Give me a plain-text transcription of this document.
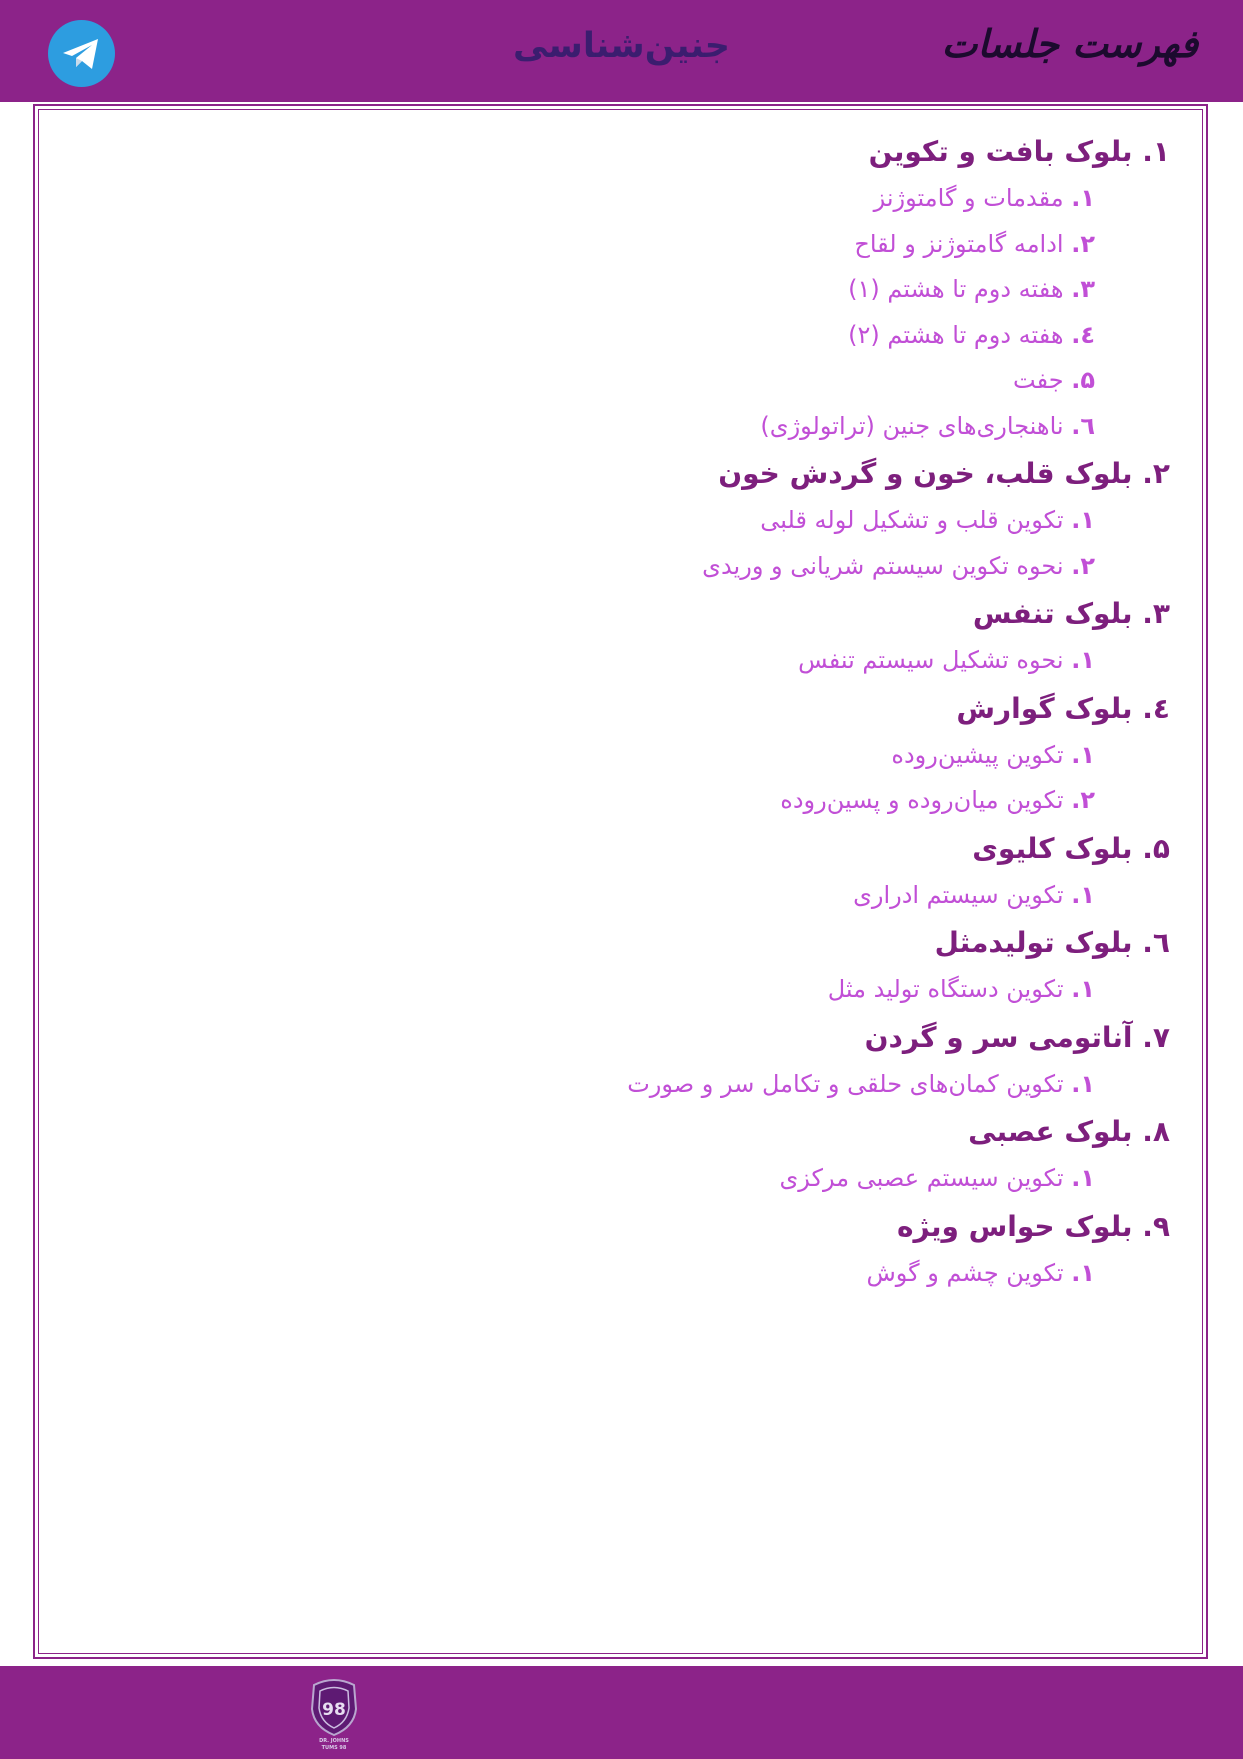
فهرست جلسات
جنین‌شناسی
۱. بلوک بافت و تکوین
۱. مقدمات و گامتوژنز
۲. ادامه گامتوژنز و لقاح
۳. هفته دوم تا هشتم (۱)
٤. هفته دوم تا هشتم (۲)
۵. جفت
٦. ناهنجاری‌های جنین (تراتولوژی)
۲. بلوک قلب، خون و گردش خون
۱. تکوین قلب و تشکیل لوله قلبی
۲. نحوه تکوین سیستم شریانی و وریدی
۳. بلوک تنفس
۱. نحوه تشکیل سیستم تنفس
٤. بلوک گوارش
۱. تکوین پیشین‌روده
۲. تکوین میان‌روده و پسین‌روده
۵. بلوک کلیوی
۱. تکوین سیستم ادراری
٦. بلوک تولیدمثل
۱. تکوین دستگاه تولید مثل
۷. آناتومی سر و گردن
۱. تکوین کمان‌های حلقی و تکامل سر و صورت
۸. بلوک عصبی
۱. تکوین سیستم عصبی مرکزی
۹. بلوک حواس ویژه
۱. تکوین چشم و گوش
98
DR. JOHNS
TUMS 98
